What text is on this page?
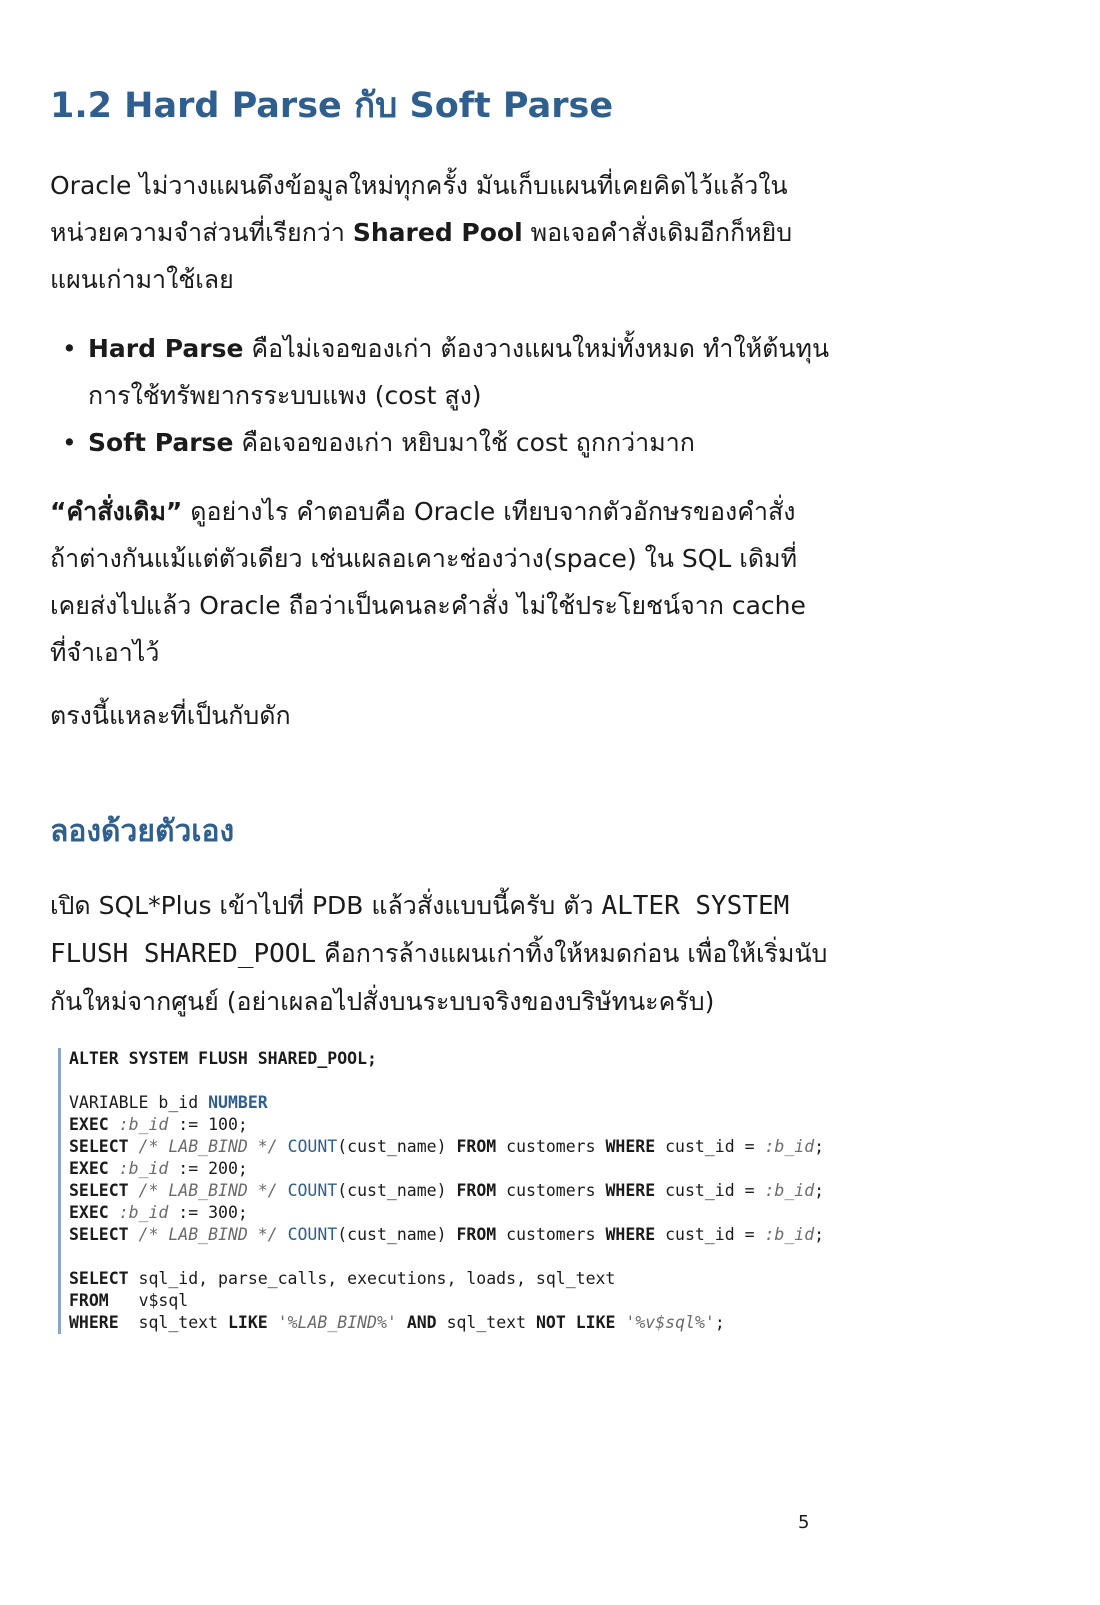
1.2 Hard Parse กับ Soft Parse

Oracle ไม่วางแผนดึงข้อมูลใหม่ทุกครั้ง มันเก็บแผนที่เคยคิดไว้แล้วในหน่วยความจำส่วนที่เรียกว่า Shared Pool พอเจอคำสั่งเดิมอีกก็หยิบแผนเก่ามาใช้เลย

• Hard Parse คือไม่เจอของเก่า ต้องวางแผนใหม่ทั้งหมด ทำให้ต้นทุนการใช้ทรัพยากรระบบแพง (cost สูง)
• Soft Parse คือเจอของเก่า หยิบมาใช้ cost ถูกกว่ามาก

“คำสั่งเดิม” ดูอย่างไร คำตอบคือ Oracle เทียบจากตัวอักษรของคำสั่ง ถ้าต่างกันแม้แต่ตัวเดียว เช่นเผลอเคาะช่องว่าง(space) ใน SQL เดิมที่เคยส่งไปแล้ว Oracle ถือว่าเป็นคนละคำสั่ง ไม่ใช้ประโยชน์จาก cache ที่จำเอาไว้

ตรงนี้แหละที่เป็นกับดัก

ลองด้วยตัวเอง

เปิด SQL*Plus เข้าไปที่ PDB แล้วสั่งแบบนี้ครับ ตัว ALTER SYSTEM FLUSH SHARED_POOL คือการล้างแผนเก่าทิ้งให้หมดก่อน เพื่อให้เริ่มนับกันใหม่จากศูนย์ (อย่าเผลอไปสั่งบนระบบจริงของบริษัทนะครับ)

ALTER SYSTEM FLUSH SHARED_POOL;
VARIABLE b_id NUMBER
EXEC :b_id := 100;
SELECT /* LAB_BIND */ COUNT(cust_name) FROM customers WHERE cust_id = :b_id;
EXEC :b_id := 200;
SELECT /* LAB_BIND */ COUNT(cust_name) FROM customers WHERE cust_id = :b_id;
EXEC :b_id := 300;
SELECT /* LAB_BIND */ COUNT(cust_name) FROM customers WHERE cust_id = :b_id;
SELECT sql_id, parse_calls, executions, loads, sql_text
FROM v$sql
WHERE sql_text LIKE '%LAB_BIND%' AND sql_text NOT LIKE '%v$sql%';
5
